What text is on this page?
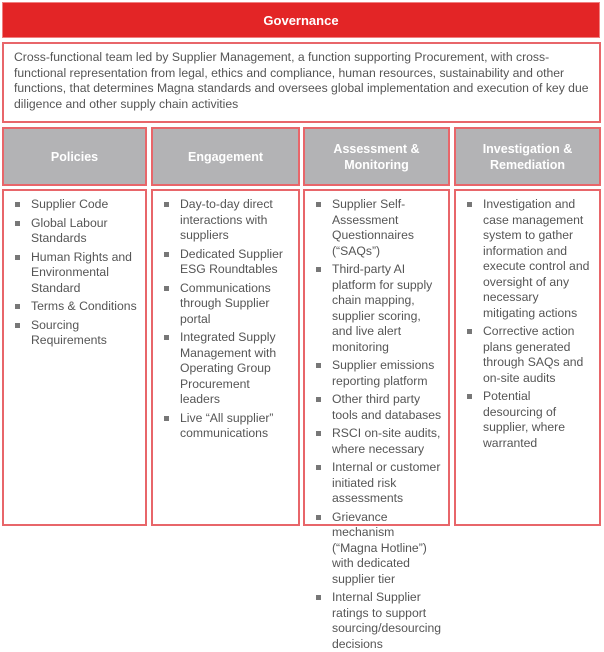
Governance
Cross-functional team led by Supplier Management, a function supporting Procurement, with cross-functional representation from legal, ethics and compliance, human resources, sustainability and other functions, that determines Magna standards and oversees global implementation and execution of key due diligence and other supply chain activities
Policies
Supplier Code
Global Labour Standards
Human Rights and Environmental Standard
Terms & Conditions
Sourcing Requirements
Engagement
Day-to-day direct interactions with suppliers
Dedicated Supplier ESG Roundtables
Communications through Supplier portal
Integrated Supply Management with Operating Group Procurement leaders
Live “All supplier” communications
Assessment & Monitoring
Supplier Self-Assessment Questionnaires (“SAQs”)
Third-party AI platform for supply chain mapping, supplier scoring, and live alert monitoring
Supplier emissions reporting platform
Other third party tools and databases
RSCI on-site audits, where necessary
Internal or customer initiated risk assessments
Grievance mechanism (“Magna Hotline”) with dedicated supplier tier
Internal Supplier ratings to support sourcing/desourcing decisions
Investigation & Remediation
Investigation and case management system to gather information and execute control and oversight of any necessary mitigating actions
Corrective action plans generated through SAQs and on-site audits
Potential desourcing of supplier, where warranted
